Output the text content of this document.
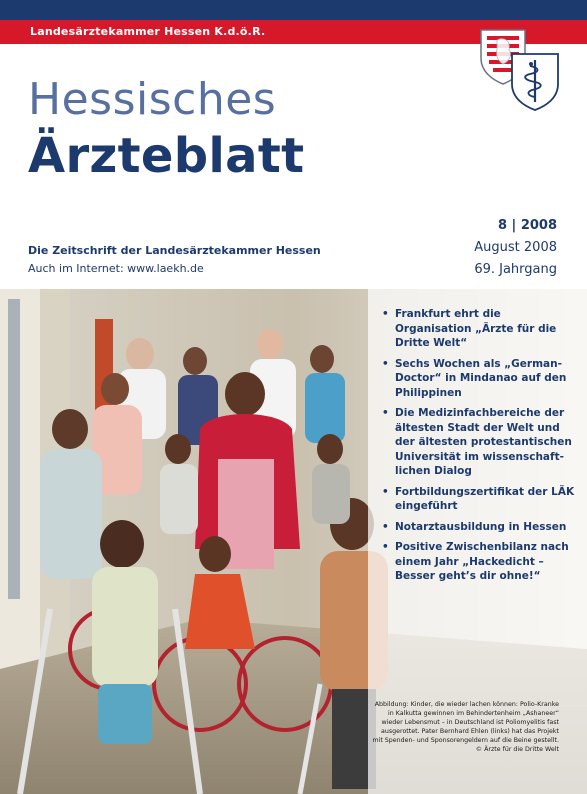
Landesärztekammer Hessen K.d.ö.R.
Hessisches
Ärzteblatt
Die Zeitschrift der Landesärztekammer Hessen
Auch im Internet: www.laekh.de
8 | 2008
August 2008
69. Jahrgang
• Frankfurt ehrt die Organisation „Ärzte für die Dritte Welt“
• Sechs Wochen als „German-Doctor“ in Mindanao auf den Philippinen
• Die Medizinfachbereiche der ältesten Stadt der Welt und der ältesten protestantischen Universität im wissenschaft-lichen Dialog
• Fortbildungszertifikat der LÄK eingeführt
• Notarztausbildung in Hessen
• Positive Zwischenbilanz nach einem Jahr „Hackedicht – Besser geht’s dir ohne!“
Abbildung: Kinder, die wieder lachen können: Polio-Kranke in Kalkutta gewinnen im Behindertenheim „Ashaneer“ wieder Lebensmut – in Deutschland ist Poliomyelitis fast ausgerottet. Pater Bernhard Ehlen (links) hat das Projekt mit Spenden- und Sponsorengeldern auf die Beine gestellt. © Ärzte für die Dritte Welt
